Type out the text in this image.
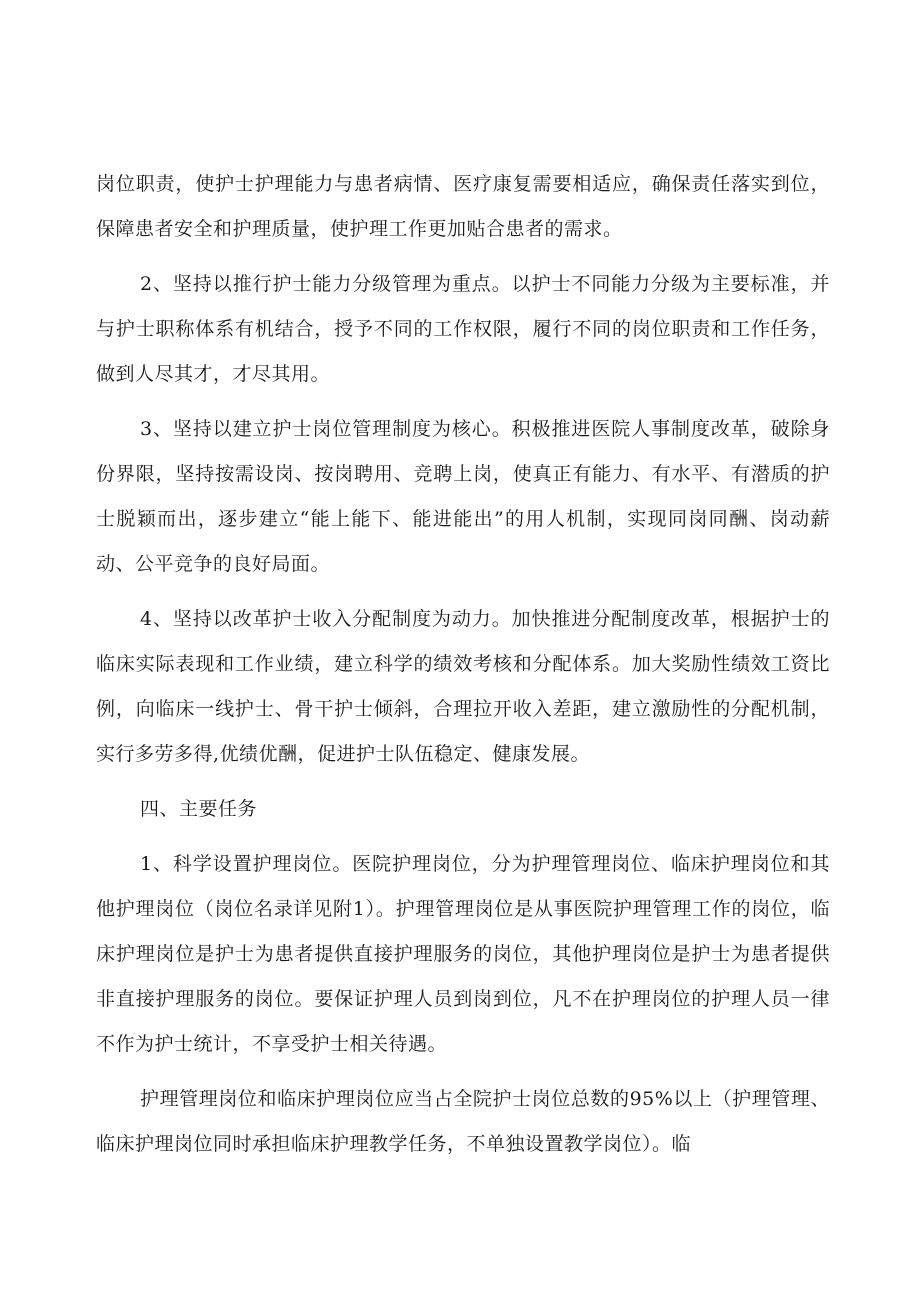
岗位职责，使护士护理能力与患者病情、医疗康复需要相适应，确保责任落实到位，保障患者安全和护理质量，使护理工作更加贴合患者的需求。

2、坚持以推行护士能力分级管理为重点。以护士不同能力分级为主要标准，并与护士职称体系有机结合，授予不同的工作权限，履行不同的岗位职责和工作任务，做到人尽其才，才尽其用。

3、坚持以建立护士岗位管理制度为核心。积极推进医院人事制度改革，破除身份界限，坚持按需设岗、按岗聘用、竞聘上岗，使真正有能力、有水平、有潜质的护士脱颖而出，逐步建立“能上能下、能进能出”的用人机制，实现同岗同酬、岗动薪动、公平竞争的良好局面。

4、坚持以改革护士收入分配制度为动力。加快推进分配制度改革，根据护士的临床实际表现和工作业绩，建立科学的绩效考核和分配体系。加大奖励性绩效工资比例，向临床一线护士、骨干护士倾斜，合理拉开收入差距，建立激励性的分配机制，实行多劳多得,优绩优酬，促进护士队伍稳定、健康发展。

四、主要任务

1、科学设置护理岗位。医院护理岗位，分为护理管理岗位、临床护理岗位和其他护理岗位（岗位名录详见附1）。护理管理岗位是从事医院护理管理工作的岗位，临床护理岗位是护士为患者提供直接护理服务的岗位，其他护理岗位是护士为患者提供非直接护理服务的岗位。要保证护理人员到岗到位，凡不在护理岗位的护理人员一律不作为护士统计，不享受护士相关待遇。

护理管理岗位和临床护理岗位应当占全院护士岗位总数的95%以上（护理管理、临床护理岗位同时承担临床护理教学任务，不单独设置教学岗位）。临
